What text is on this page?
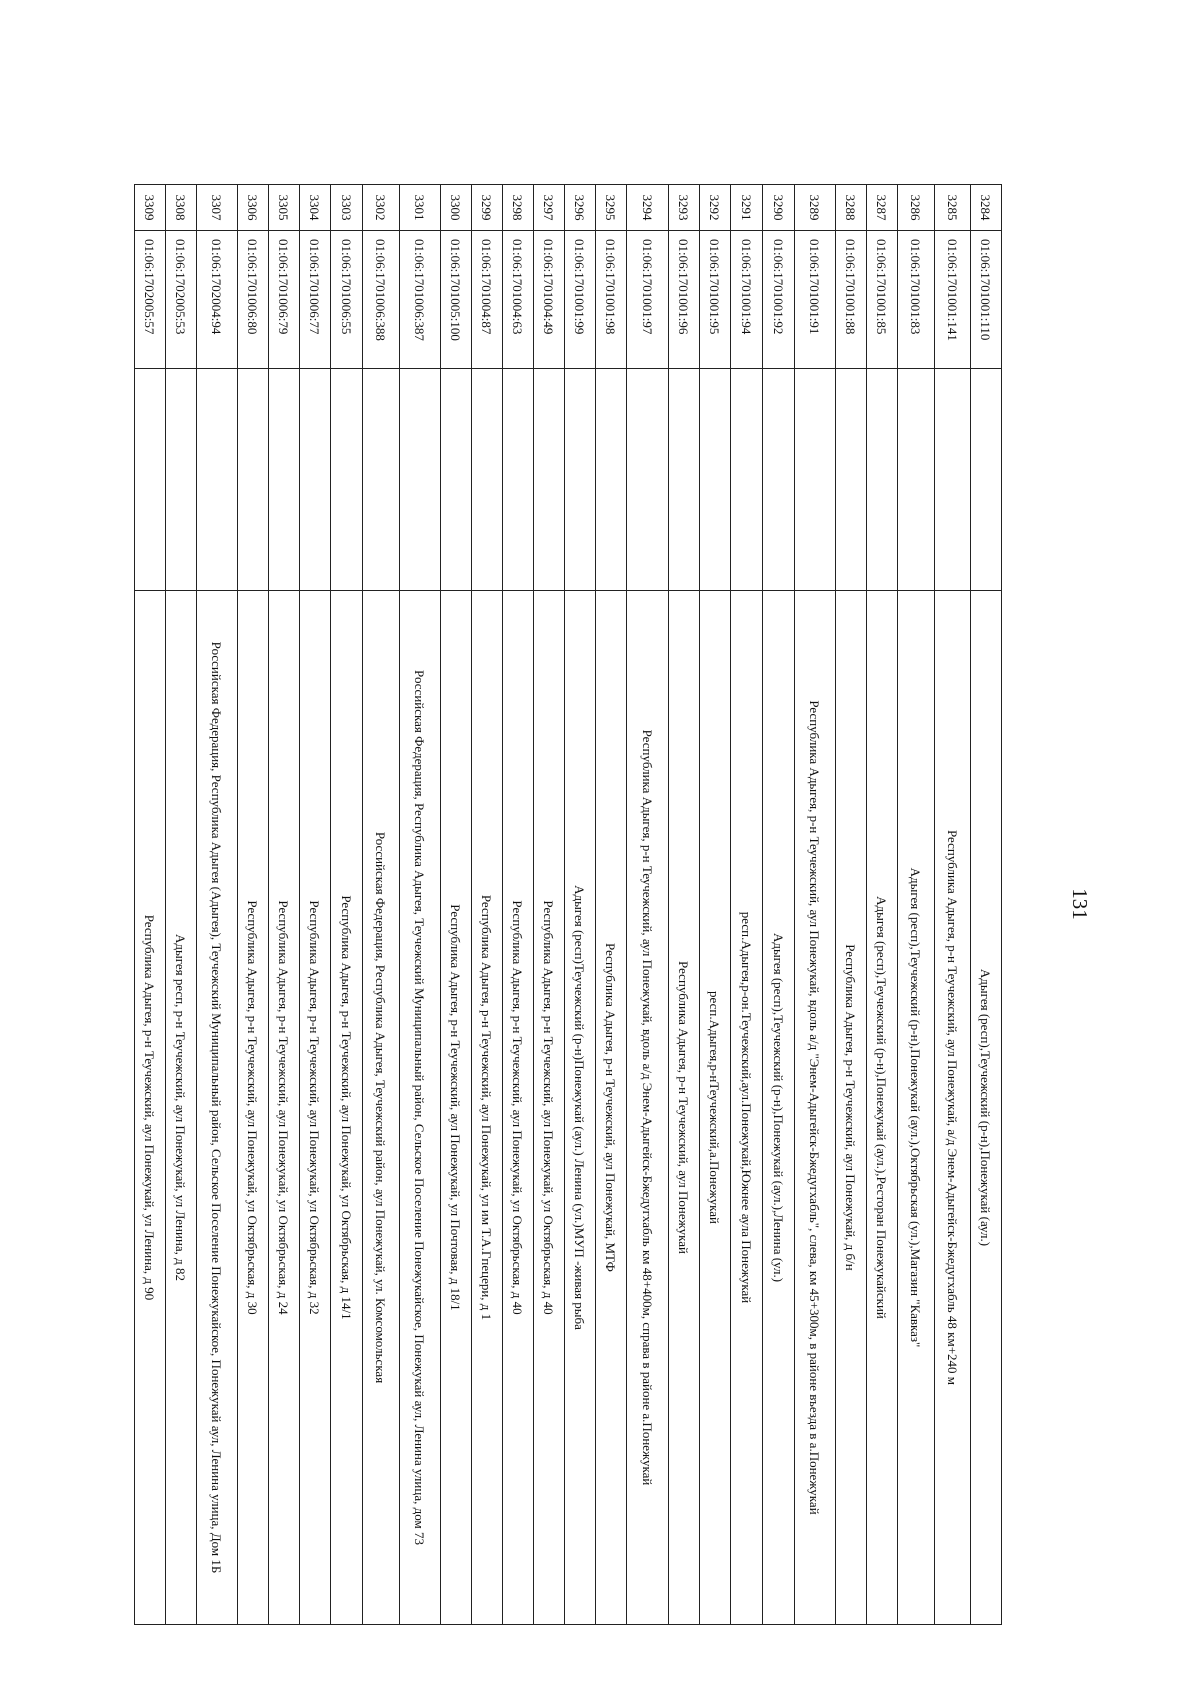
131
3284	01:06:1701001:110		Адыгея (респ),Теучежский (р-н),Понежукай (аул.)
3285	01:06:1701001:141		Республика Адыгея, р-н Теучежский, аул Понежукай, а/д Энем-Адыгейск-Бжедугхабль 48 км+240 м
3286	01:06:1701001:83		Адыгея (респ),Теучежский (р-н),Понежукай (аул.),Октябрьская (ул.),Магазин "Кавказ"
3287	01:06:1701001:85		Адыгея (респ),Теучежский (р-н),Понежукай (аул.),Ресторан Понежукайский
3288	01:06:1701001:88		Республика Адыгея, р-н Теучежский, аул Понежукай, д б/н
3289	01:06:1701001:91		Республика Адыгея, р-н Теучежский, аул Понежукай, вдоль а/д "Энем-Адыгейск-Бжедугхабль", слева, км 45+300м, в районе въезда в а.Понежукай
3290	01:06:1701001:92		Адыгея (респ),Теучежский (р-н),Понежукай (аул.),Ленина (ул.)
3291	01:06:1701001:94		респ.Адыгея,р-он.Теучежский,аул.Понежукай,Южнее аула Понежукай
3292	01:06:1701001:95		респ.Адыгея,р-нТеучежский,а.Понежукай
3293	01:06:1701001:96		Республика Адыгея, р-н Теучежский, аул Понежукай
3294	01:06:1701001:97		Республика Адыгея, р-н Теучежский, аул Понежукай, вдоль а/д Энем-Адыгейск-Бжедугхабль км 48+400м, справа в районе а.Понежукай
3295	01:06:1701001:98		Республика Адыгея, р-н Теучежский, аул Понежукай, МТФ
3296	01:06:1701001:99		Адыгея (респ)Теучежский (р-н)Понежукай (аул.) Ленина (ул.)МУП -живая рыба
3297	01:06:1701004:49		Республика Адыгея, р-н Теучежский, аул Понежукай, ул Октябрьская, д 40
3298	01:06:1701004:63		Республика Адыгея, р-н Теучежский, аул Понежукай, ул Октябрьская, д 40
3299	01:06:1701004:87		Республика Адыгея, р-н Теучежский, аул Понежукай, ул им Т.А.Гпецери, д 1
3300	01:06:1701005:100		Республика Адыгея, р-н Теучежский, аул Понежукай, ул Почтовая, д 18/1
3301	01:06:1701006:387		Российская Федерация, Республика Адыгея, Теучежский Муниципальный район, Сельское Поселение Понежукайское, Понежукай аул, Ленина улица, дом 73
3302	01:06:1701006:388		Российская Федерация, Республика Адыгея, Теучежский район, аул Понежукай, ул. Комсомольская
3303	01:06:1701006:55		Республика Адыгея, р-н Теучежский, аул Понежукай, ул Октябрьская, д 14/1
3304	01:06:1701006:77		Республика Адыгея, р-н Теучежский, аул Понежукай, ул Октябрьская, д 32
3305	01:06:1701006:79		Республика Адыгея, р-н Теучежский, аул Понежукай, ул Октябрьская, д 24
3306	01:06:1701006:80		Республика Адыгея, р-н Теучежский, аул Понежукай, ул Октябрьская, д 30
3307	01:06:1702004:94		Российская Федерация, Республика Адыгея (Адыгея), Теучежский Муниципальный район, Сельское Поселение Понежукайское, Понежукай аул, Ленина улица, Дом 1Б
3308	01:06:1702005:53		Адыгея респ, р-н Теучежский, аул Понежукай, ул Ленина, д 82
3309	01:06:1702005:57		Республика Адыгея, р-н Теучежский, аул Понежукай, ул Ленина, д 90
